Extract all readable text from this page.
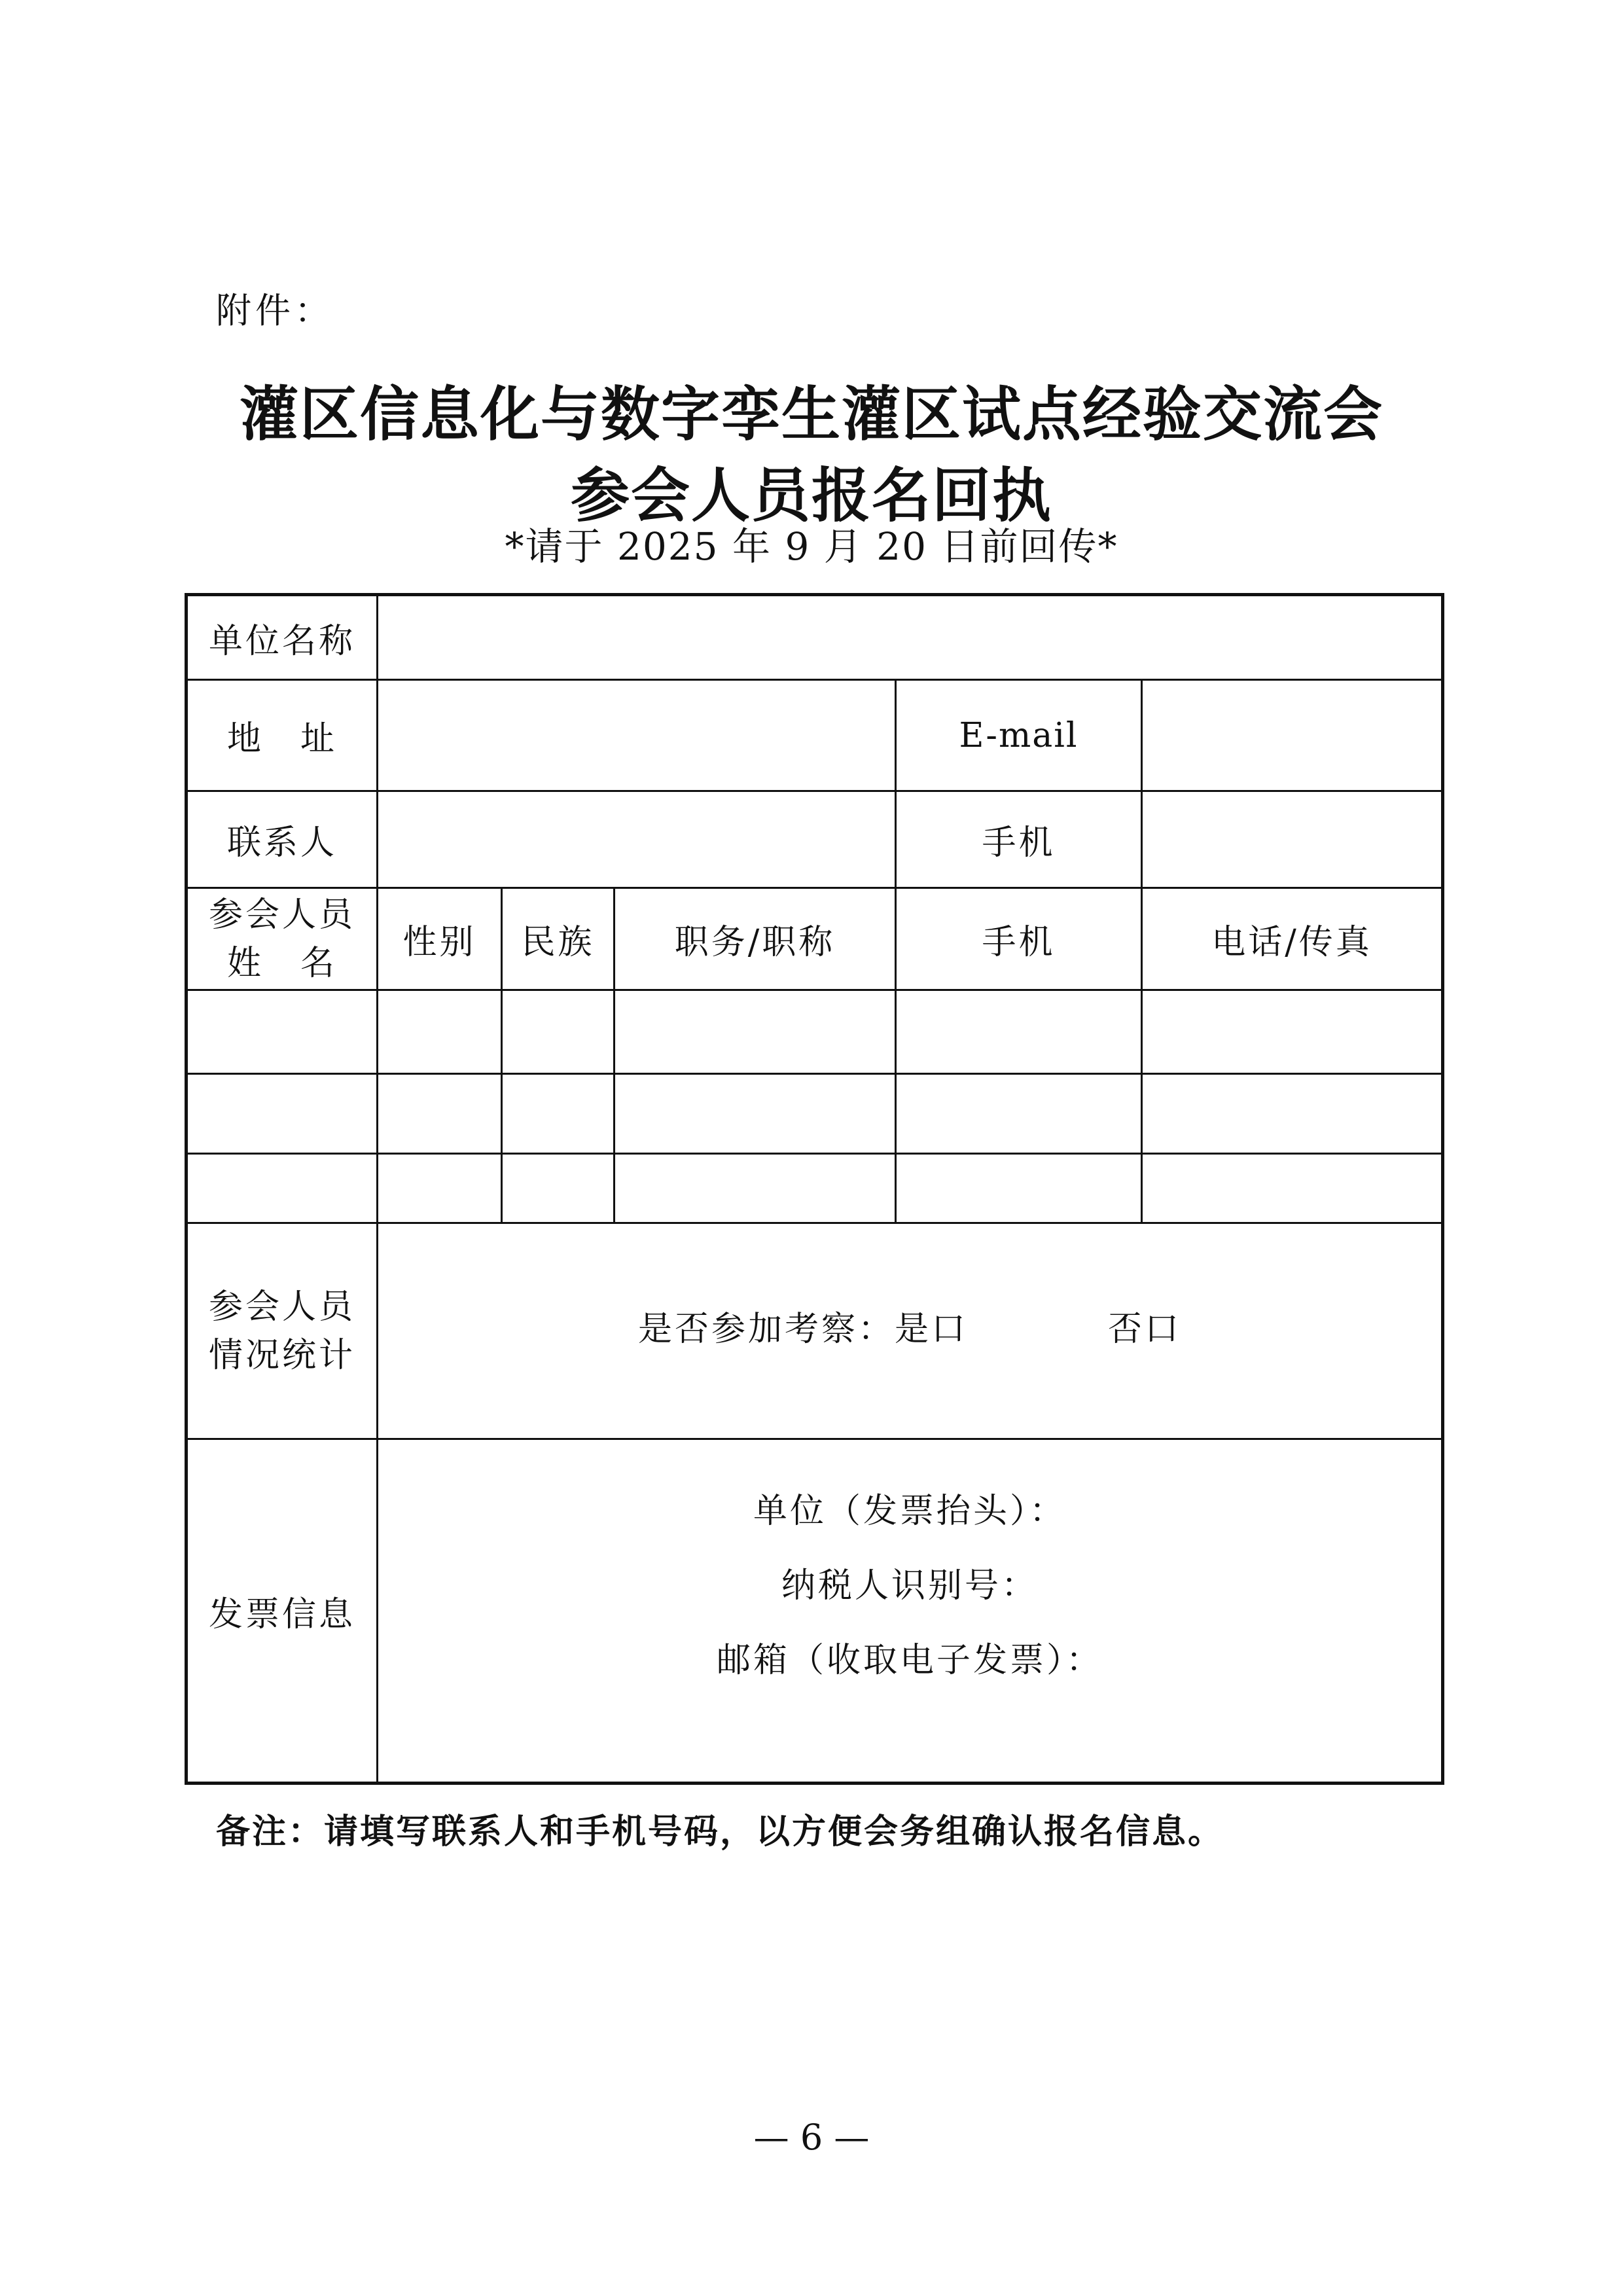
附件：
灌区信息化与数字孪生灌区试点经验交流会
参会人员报名回执
*请于 2025 年 9 月 20 日前回传*
单位名称					
地　址				E-mail	
联系人				手机	

参会人员
姓　名	性别	民族	职务/职称	手机	电话/传真

参会人员
情况统计	是否参加考察：是口 否口				
发票信息	单位（发票抬头）：
纳税人识别号：
邮箱（收取电子发票）：				
备注：请填写联系人和手机号码，以方便会务组确认报名信息。
— 6 —
